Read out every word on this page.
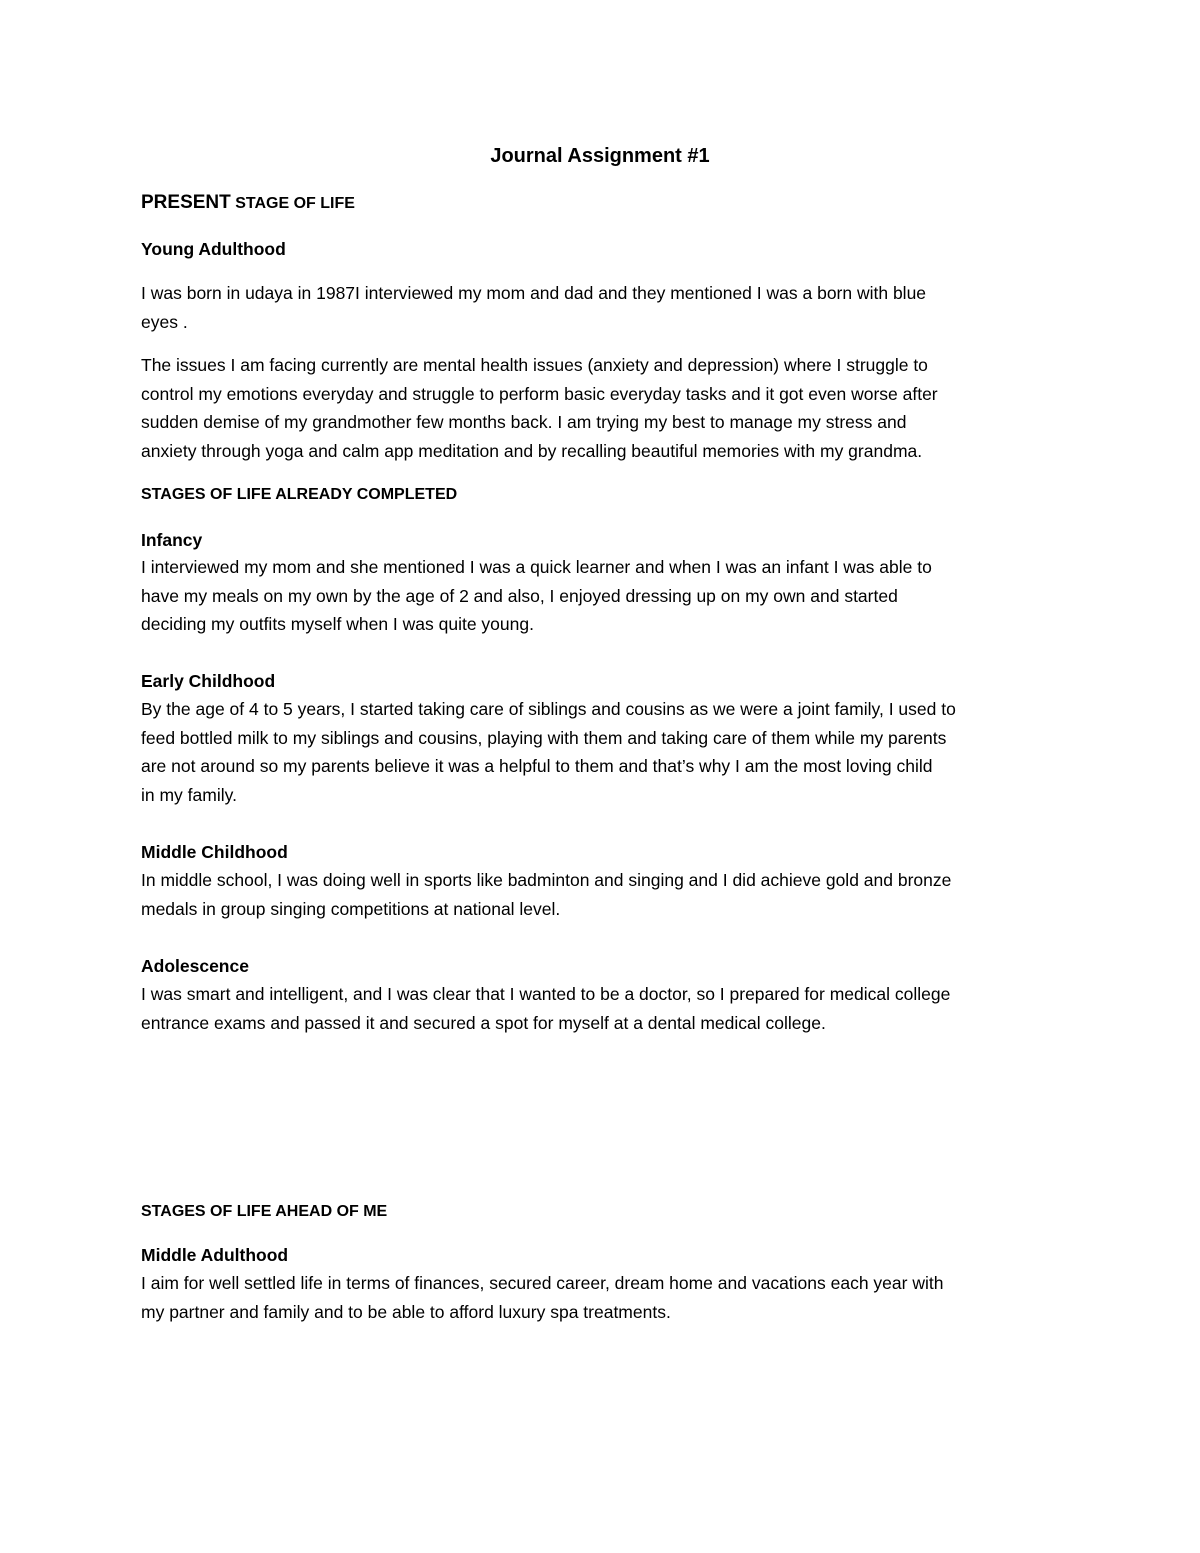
Journal Assignment #1
PRESENT STAGE OF LIFE
Young Adulthood
I was born in udaya in 1987I interviewed my mom and dad and they mentioned I was a born with blue
eyes .
The issues I am facing currently are mental health issues (anxiety and depression) where I struggle to
control my emotions everyday and struggle to perform basic everyday tasks and it got even worse after
sudden demise of my grandmother few months back. I am trying my best to manage my stress and
anxiety through yoga and calm app meditation and by recalling beautiful memories with my grandma.
STAGES OF LIFE ALREADY COMPLETED
Infancy
I interviewed my mom and she mentioned I was a quick learner and when I was an infant I was able to
have my meals on my own by the age of 2 and also, I enjoyed dressing up on my own and started
deciding my outfits myself when I was quite young.
Early Childhood
By the age of 4 to 5 years, I started taking care of siblings and cousins as we were a joint family, I used to
feed bottled milk to my siblings and cousins, playing with them and taking care of them while my parents
are not around so my parents believe it was a helpful to them and that’s why I am the most loving child
in my family.
Middle Childhood
In middle school, I was doing well in sports like badminton and singing and I did achieve gold and bronze
medals in group singing competitions at national level.
Adolescence
I was smart and intelligent, and I was clear that I wanted to be a doctor, so I prepared for medical college
entrance exams and passed it and secured a spot for myself at a dental medical college.
STAGES OF LIFE AHEAD OF ME
Middle Adulthood
I aim for well settled life in terms of finances, secured career, dream home and vacations each year with
my partner and family and to be able to afford luxury spa treatments.
